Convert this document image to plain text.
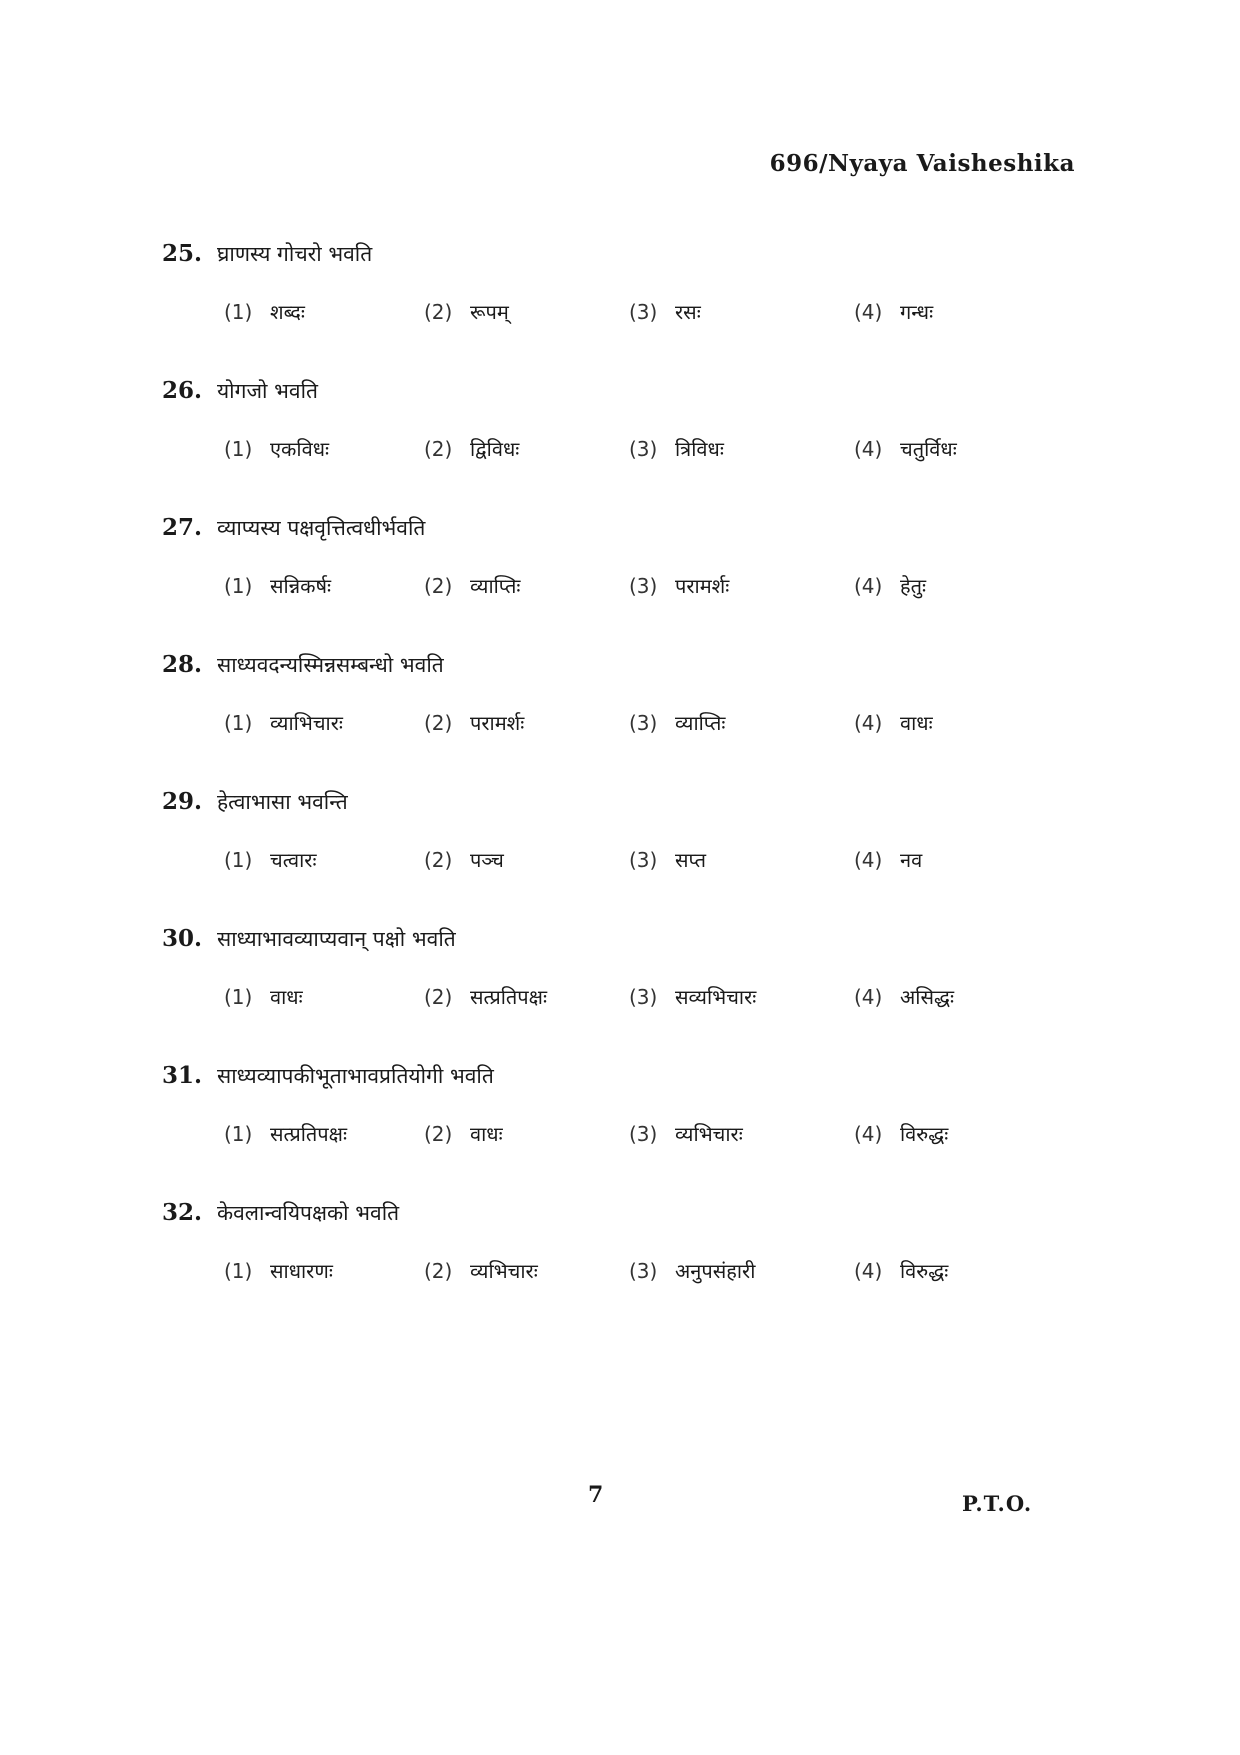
696/Nyaya Vaisheshika
25. घ्राणस्य गोचरो भवति
(1) शब्दः	(2) रूपम्	(3) रसः	(4) गन्धः
26. योगजो भवति
(1) एकविधः	(2) द्विविधः	(3) त्रिविधः	(4) चतुर्विधः
27. व्याप्यस्य पक्षवृत्तित्वधीर्भवति
(1) सन्निकर्षः	(2) व्याप्तिः	(3) परामर्शः	(4) हेतुः
28. साध्यवदन्यस्मिन्नसम्बन्धो भवति
(1) व्याभिचारः	(2) परामर्शः	(3) व्याप्तिः	(4) वाधः
29. हेत्वाभासा भवन्ति
(1) चत्वारः	(2) पञ्च	(3) सप्त	(4) नव
30. साध्याभावव्याप्यवान् पक्षो भवति
(1) वाधः	(2) सत्प्रतिपक्षः	(3) सव्यभिचारः	(4) असिद्धः
31. साध्यव्यापकीभूताभावप्रतियोगी भवति
(1) सत्प्रतिपक्षः	(2) वाधः	(3) व्यभिचारः	(4) विरुद्धः
32. केवलान्वयिपक्षको भवति
(1) साधारणः	(2) व्यभिचारः	(3) अनुपसंहारी	(4) विरुद्धः
7	P.T.O.
